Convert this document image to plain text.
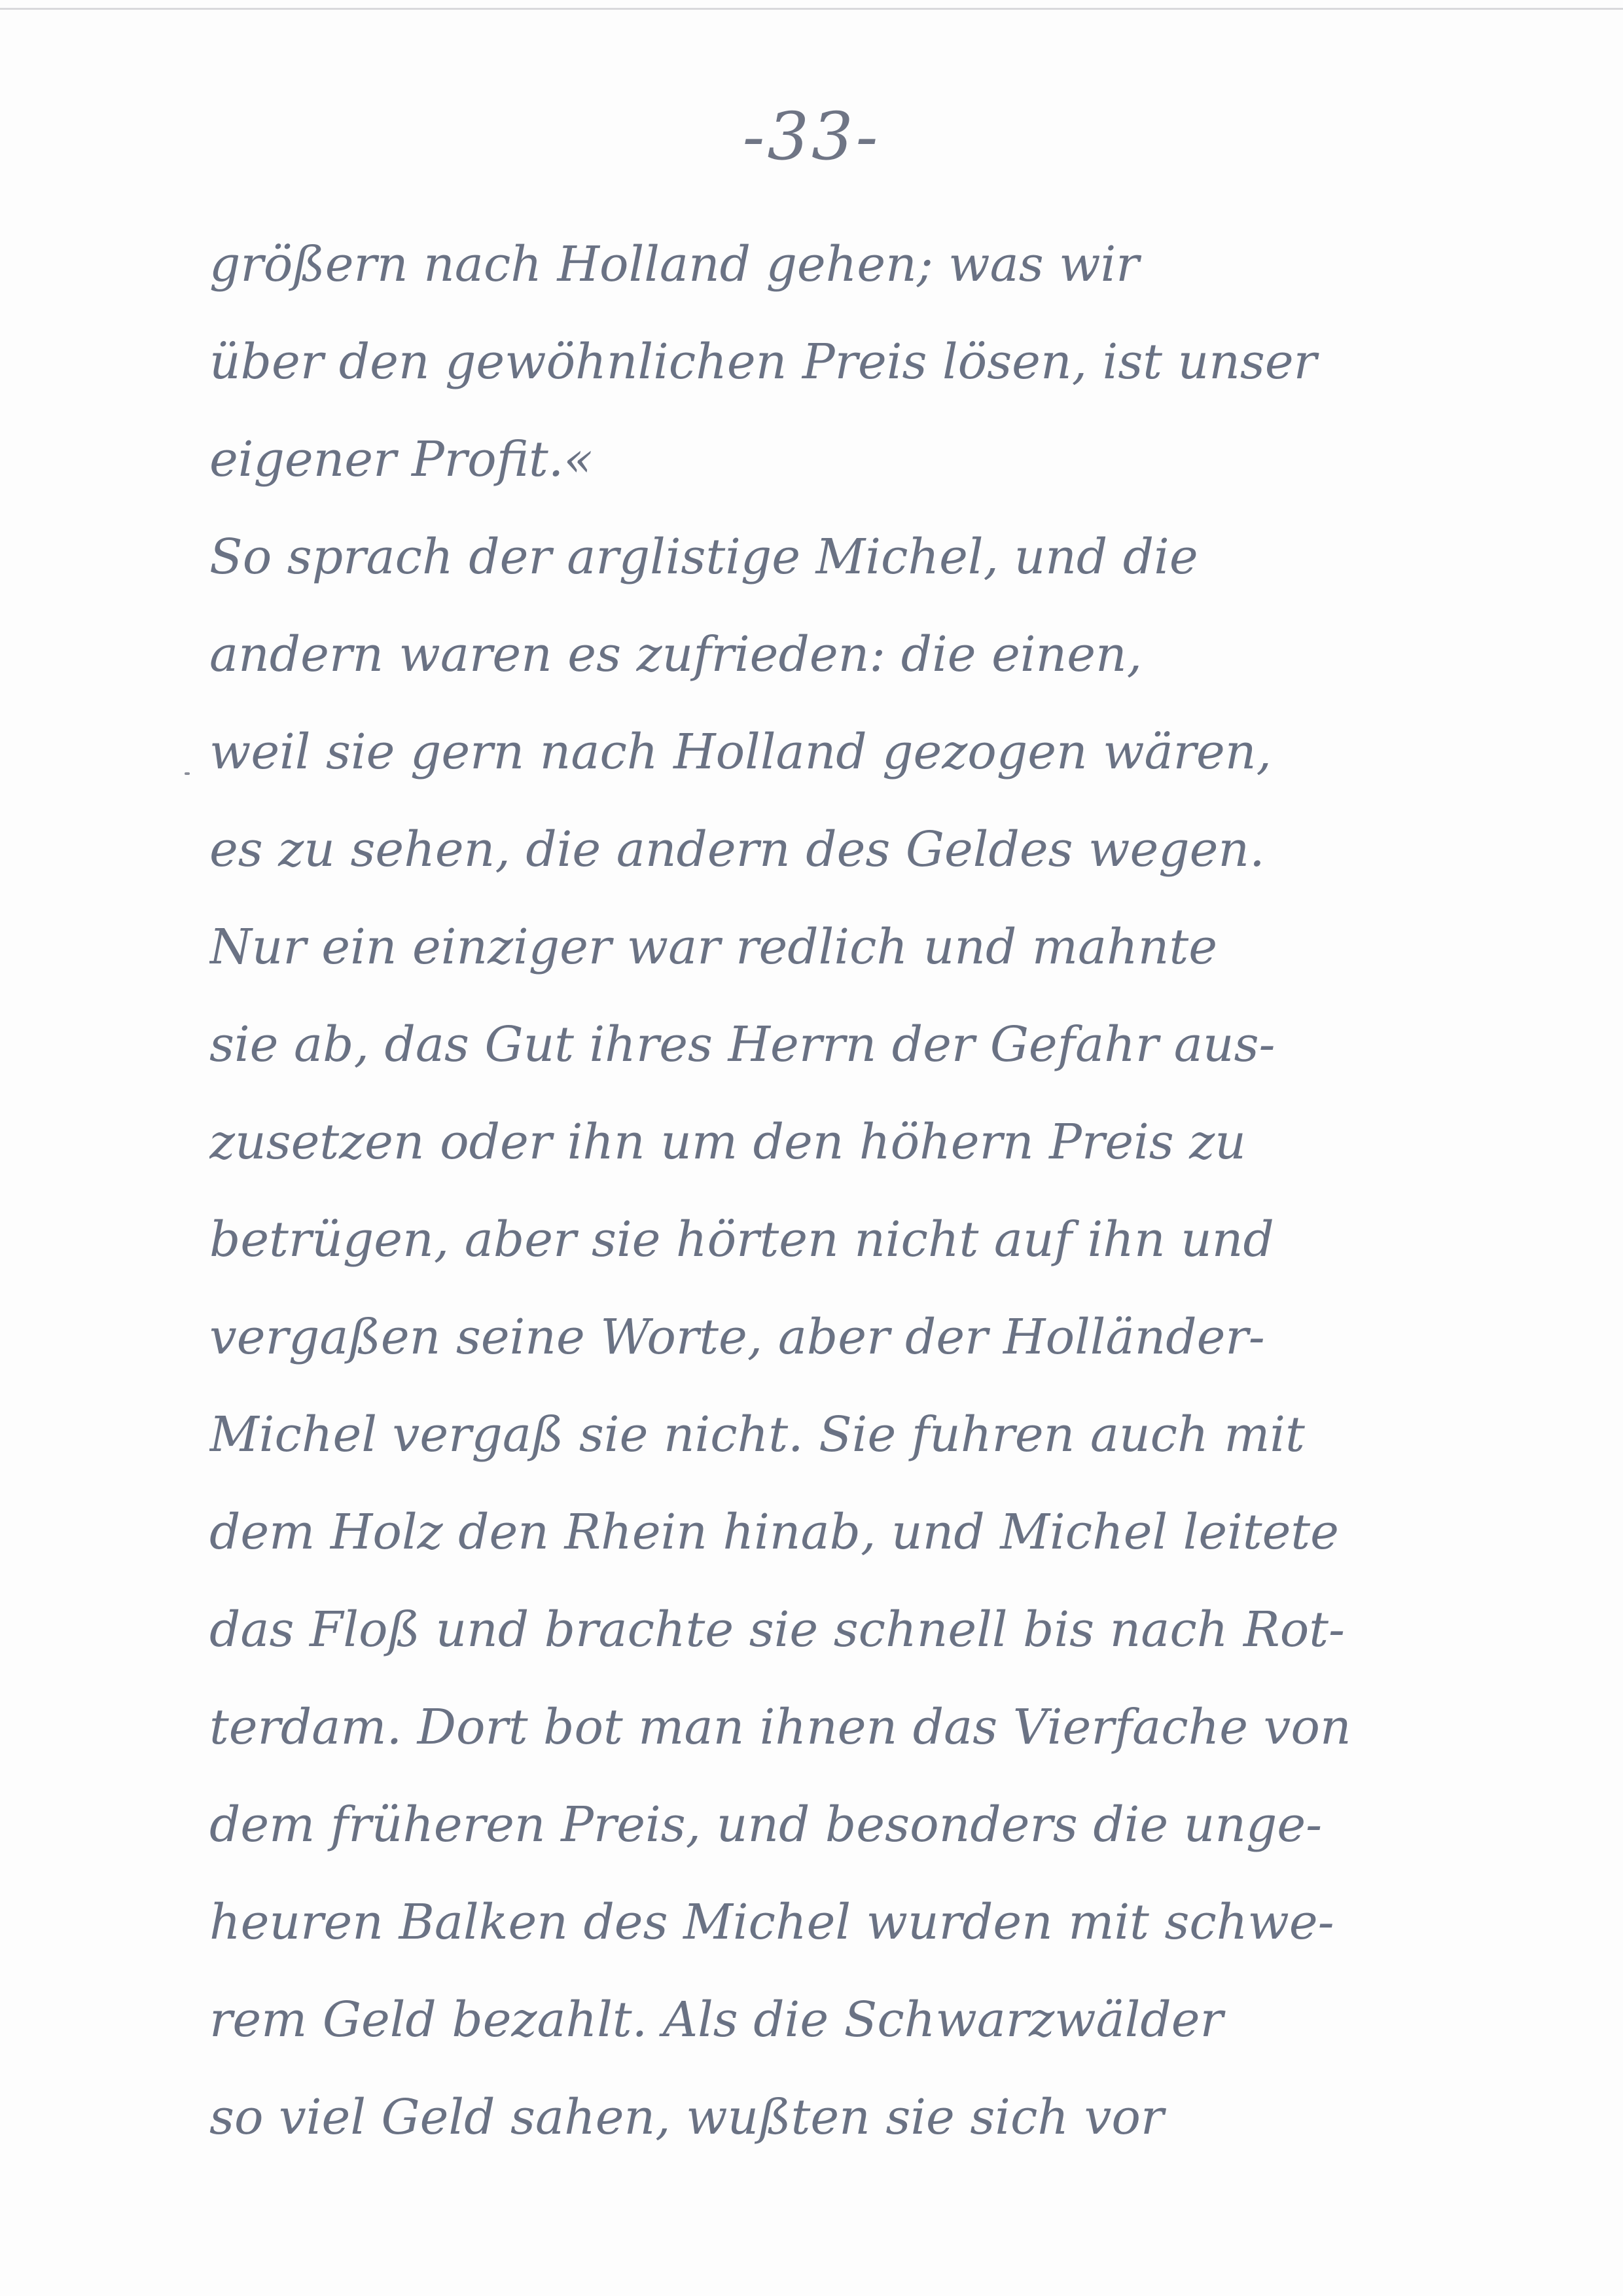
-33-
größern nach Holland gehen; was wir
über den gewöhnlichen Preis lösen, ist unser
eigener Profit.«
So sprach der arglistige Michel, und die
andern waren es zufrieden: die einen,
weil sie gern nach Holland gezogen wären,
es zu sehen, die andern des Geldes wegen.
Nur ein einziger war redlich und mahnte
sie ab, das Gut ihres Herrn der Gefahr aus-
zusetzen oder ihn um den höhern Preis zu
betrügen, aber sie hörten nicht auf ihn und
vergaßen seine Worte, aber der Holländer-
Michel vergaß sie nicht. Sie fuhren auch mit
dem Holz den Rhein hinab, und Michel leitete
das Floß und brachte sie schnell bis nach Rot-
terdam. Dort bot man ihnen das Vierfache von
dem früheren Preis, und besonders die unge-
heuren Balken des Michel wurden mit schwe-
rem Geld bezahlt. Als die Schwarzwälder
so viel Geld sahen, wußten sie sich vor
